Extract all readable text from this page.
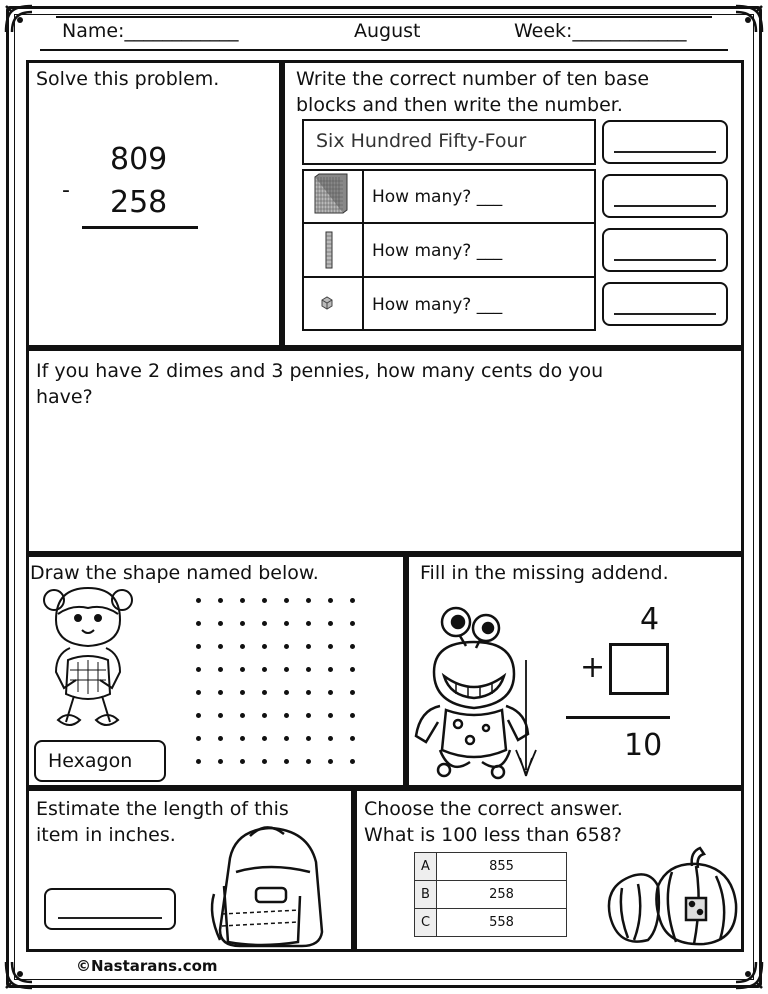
Name:____________	August	Week:____________
Solve this problem.
809
- 258
Write the correct number of ten base
blocks and then write the number.
Six Hundred Fifty-Four
How many? ___
How many? ___
How many? ___
If you have 2 dimes and 3 pennies, how many cents do you
have?
Draw the shape named below.
Hexagon
Fill in the missing addend.
4
+
10
Estimate the length of this
item in inches.
Choose the correct answer.
What is 100 less than 658?
A	855
B	258
C	558
©Nastarans.com
